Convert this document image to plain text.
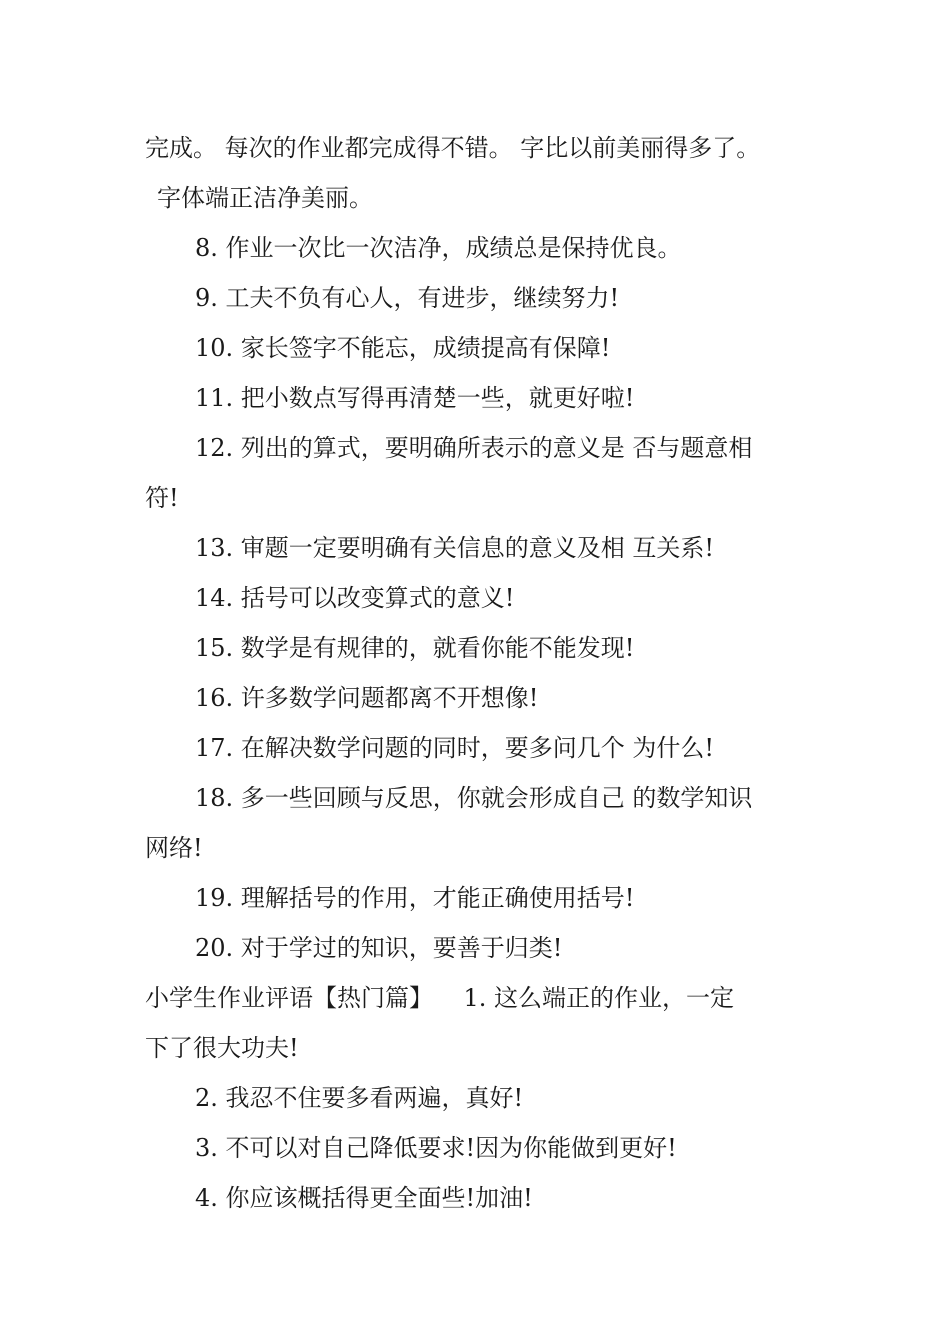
完成。 每次的作业都完成得不错。 字比以前美丽得多了。
字体端正洁净美丽。
8. 作业一次比一次洁净，成绩总是保持优良。
9. 工夫不负有心人，有进步，继续努力!
10. 家长签字不能忘，成绩提高有保障!
11. 把小数点写得再清楚一些，就更好啦!
12. 列出的算式，要明确所表示的意义是 否与题意相
符!
13. 审题一定要明确有关信息的意义及相 互关系!
14. 括号可以改变算式的意义!
15. 数学是有规律的，就看你能不能发现!
16. 许多数学问题都离不开想像!
17. 在解决数学问题的同时，要多问几个 为什么!
18. 多一些回顾与反思，你就会形成自己 的数学知识
网络!
19. 理解括号的作用，才能正确使用括号!
20. 对于学过的知识，要善于归类!
小学生作业评语【热门篇】    1. 这么端正的作业，一定
下了很大功夫!
2. 我忍不住要多看两遍，真好!
3. 不可以对自己降低要求!因为你能做到更好!
4. 你应该概括得更全面些!加油!
